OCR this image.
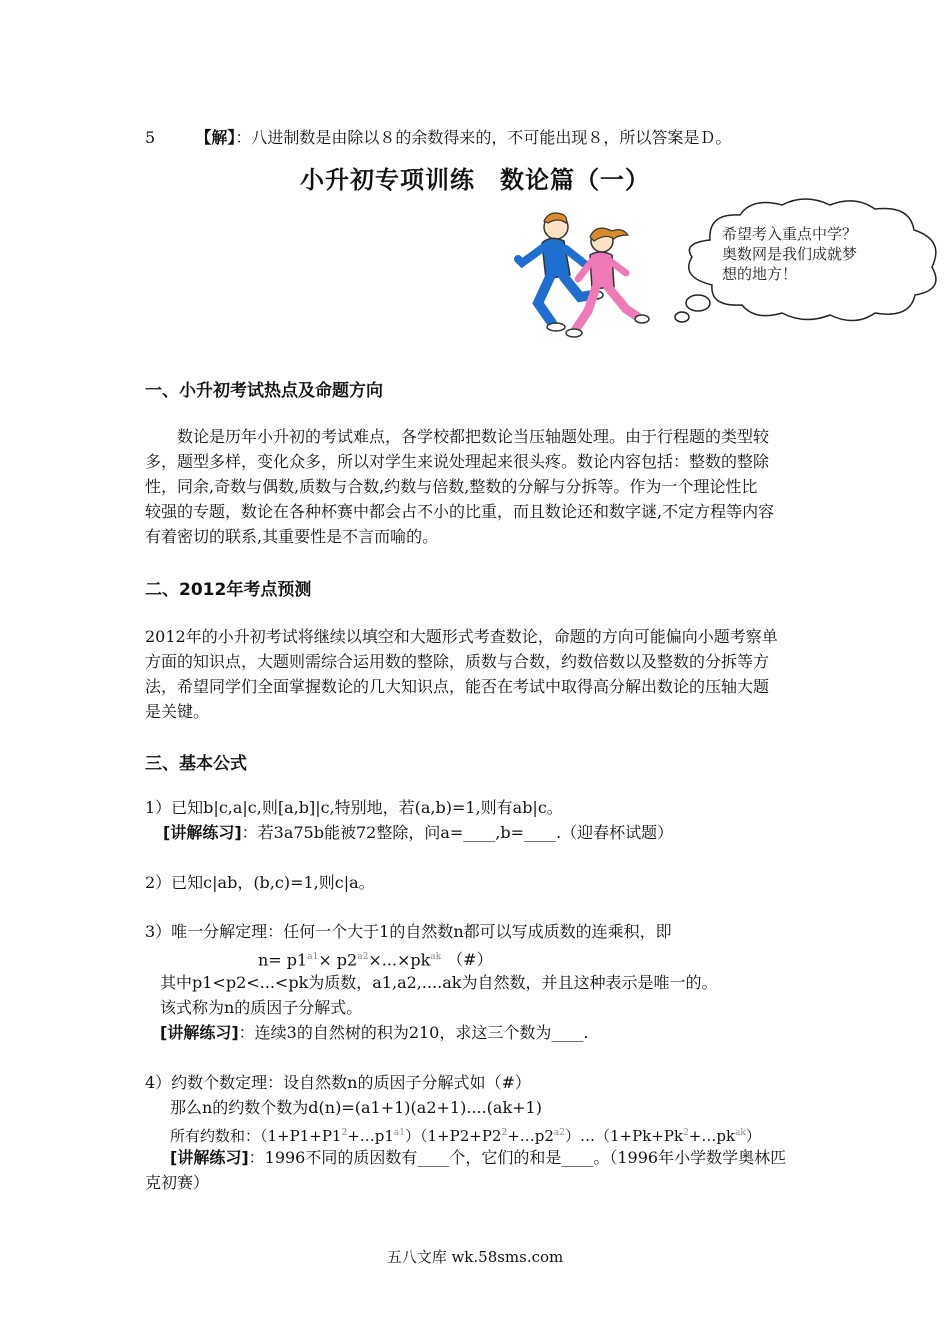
5	【解】：八进制数是由除以８的余数得来的，不可能出现８，所以答案是Ｄ。
小升初专项训练　数论篇（一）
希望考入重点中学？
奥数网是我们成就梦
想的地方！
一、小升初考试热点及命题方向
数论是历年小升初的考试难点，各学校都把数论当压轴题处理。由于行程题的类型较
多，题型多样，变化众多，所以对学生来说处理起来很头疼。数论内容包括：整数的整除
性，同余,奇数与偶数,质数与合数,约数与倍数,整数的分解与分拆等。作为一个理论性比
较强的专题，数论在各种杯赛中都会占不小的比重，而且数论还和数字谜,不定方程等内容
有着密切的联系,其重要性是不言而喻的。
二、2012年考点预测
2012年的小升初考试将继续以填空和大题形式考查数论，命题的方向可能偏向小题考察单
方面的知识点，大题则需综合运用数的整除，质数与合数，约数倍数以及整数的分拆等方
法，希望同学们全面掌握数论的几大知识点，能否在考试中取得高分解出数论的压轴大题
是关键。
三、基本公式
1）已知b|c,a|c,则[a,b]|c,特别地，若(a,b)=1,则有ab|c。
[讲解练习]：若3a75b能被72整除，问a=____,b=____.（迎春杯试题）
2）已知c|ab，(b,c)=1,则c|a。
3）唯一分解定理：任何一个大于1的自然数n都可以写成质数的连乘积，即
$n= p1^{a1}\times p2^{a2}\times...\times pk^{ak}$ （#）
其中p1<p2<...<pk为质数，a1,a2,....ak为自然数，并且这种表示是唯一的。
该式称为n的质因子分解式。
[讲解练习]：连续3的自然树的积为210，求这三个数为____.
4）约数个数定理：设自然数n的质因子分解式如（#）
那么n的约数个数为d(n)=(a1+1)(a2+1)....(ak+1)
所有约数和：$(1+P1+P1^2+\dots p1^{a1})(1+P2+P2^2+\dots p2^{a2})\dots(1+Pk+Pk^2+\dots pk^{ak})$
[讲解练习]：1996不同的质因数有____个，它们的和是____。（1996年小学数学奥林匹
克初赛）
五八文库 wk.58sms.com
